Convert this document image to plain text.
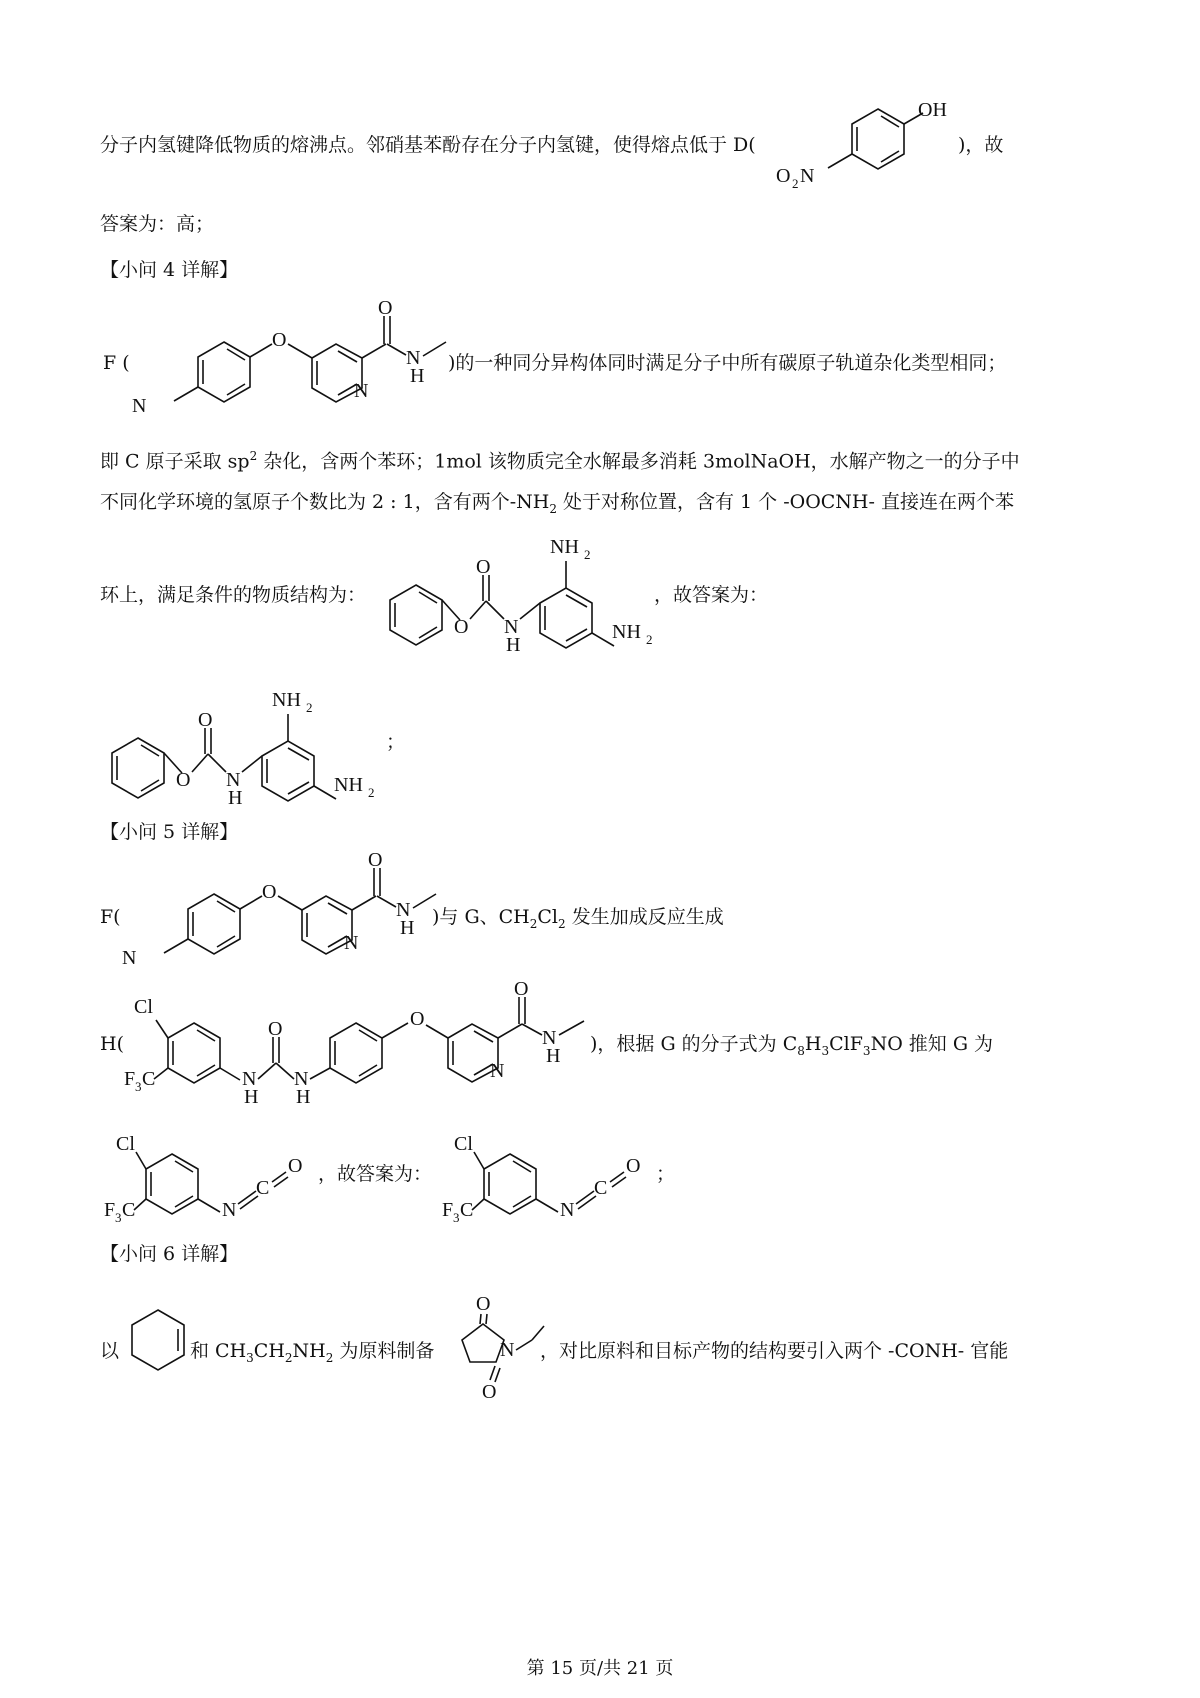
分子内氢键降低物质的熔沸点。邻硝基苯酚存在分子内氢键，使得熔点低于 D(
OH
O 2 N
)，故
答案为：高；
【小问 4 详解】
F (
N
O
N
O
N
H
)的一种同分异构体同时满足分子中所有碳原子轨道杂化类型相同；
即 C 原子采取 $sp^2$ 杂化，含两个苯环；1mol 该物质完全水解最多消耗 3molNaOH，水解产物之一的分子中
不同化学环境的氢原子个数比为 2 : 1，含有两个$-NH_2$ 处于对称位置，含有 1 个 -OOCNH- 直接连在两个苯
环上，满足条件的物质结构为：
O
O
N
H
NH 2
NH 2
，故答案为：
O
O
N
H
NH 2
NH 2
；
【小问 5 详解】
F(
N
O
N
O
N
H )与 G、$CH_2Cl_2$ 发生加成反应生成
H(
Cl
F 3 C	N
H
O
N
H
O
N
O
N
H
)，根据 G 的分子式为 $C_8H_3ClF_3NO$ 推知 G 为
Cl
F 3 C	N
C
O ，故答案为：
Cl
F 3 C	N
C
O ；
【小问 6 详解】
以	和 $CH_3CH_2NH_2$ 为原料制备
O
N
O
，对比原料和目标产物的结构要引入两个 -CONH- 官能
第 15 页/共 21 页
